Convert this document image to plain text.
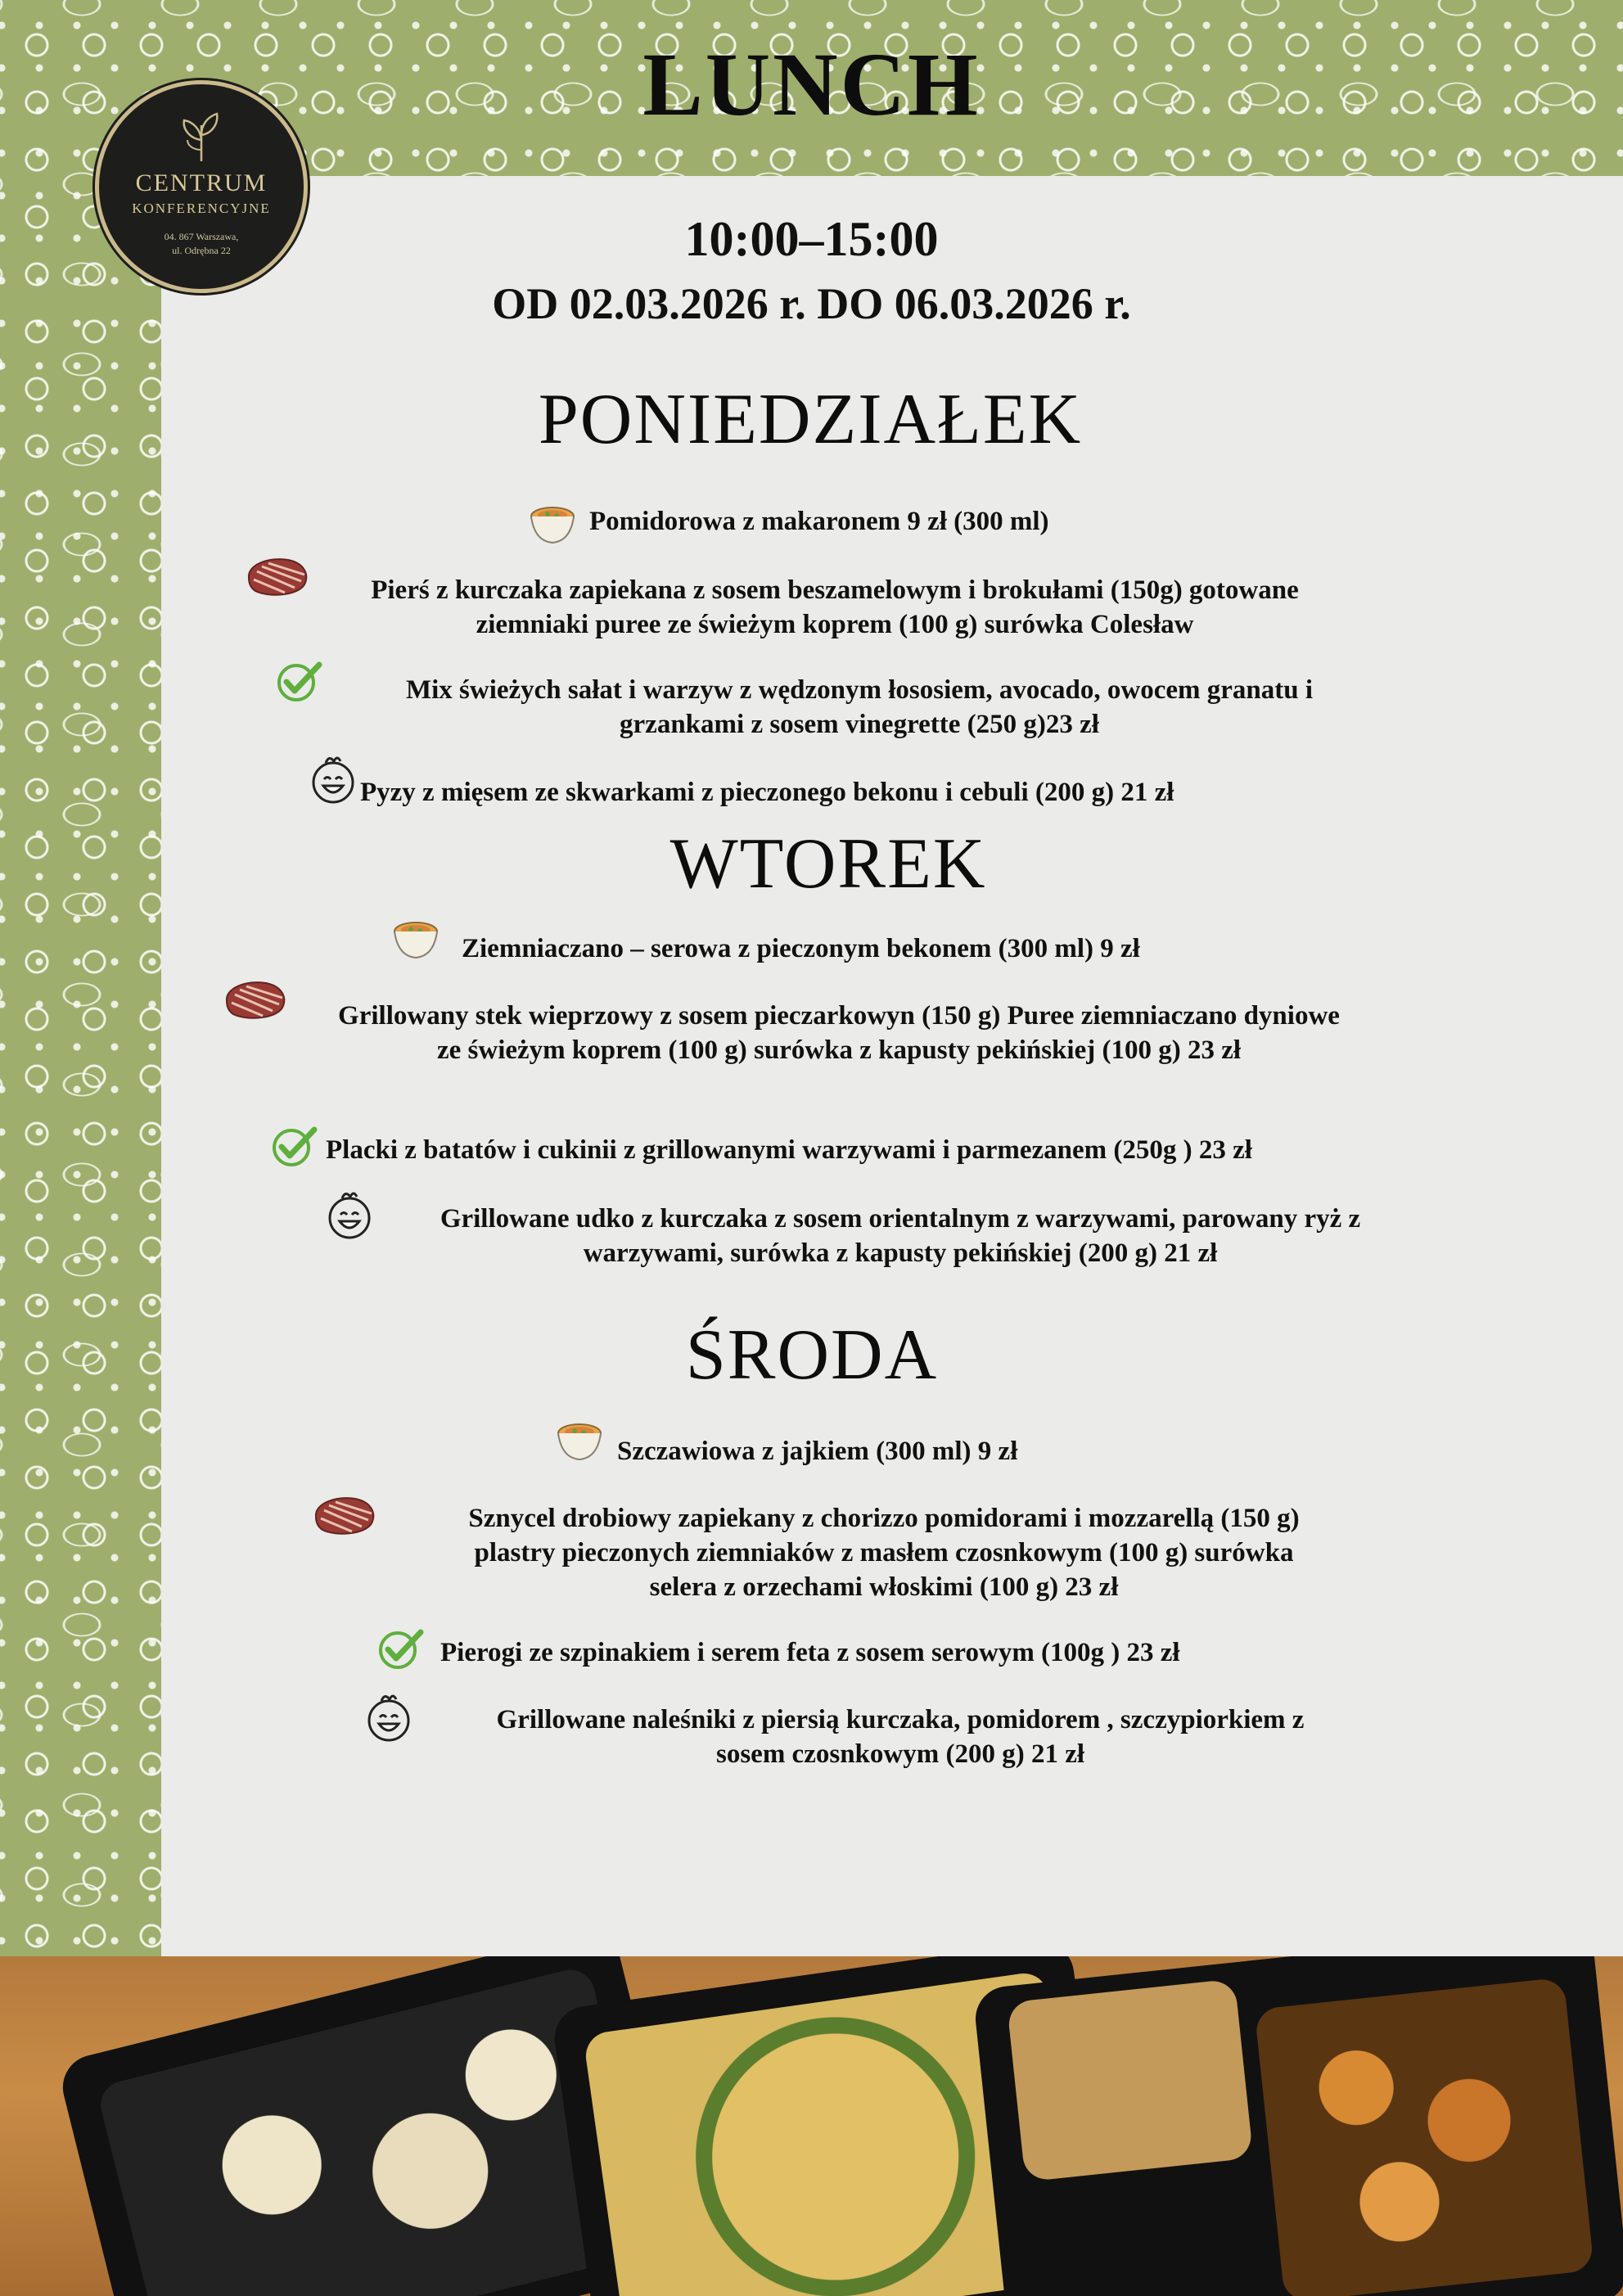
LUNCH
CENTRUM
KONFERENCYJNE
04. 867 Warszawa,
ul. Odrębna 22	10:00–15:00
OD 02.03.2026 r. DO 06.03.2026 r.
PONIEDZIAŁEK
Pomidorowa z makaronem 9 zł (300 ml)
Pierś z kurczaka zapiekana z sosem beszamelowym i brokułami (150g) gotowane
ziemniaki puree ze świeżym koprem (100 g) surówka Colesław
Mix świeżych sałat i warzyw z wędzonym łososiem, avocado, owocem granatu i
grzankami z sosem vinegrette (250 g)23 zł
Pyzy z mięsem ze skwarkami z pieczonego bekonu i cebuli (200 g) 21 zł
WTOREK
Ziemniaczano – serowa z pieczonym bekonem (300 ml) 9 zł
Grillowany stek wieprzowy z sosem pieczarkowyn (150 g) Puree ziemniaczano dyniowe
ze świeżym koprem (100 g) surówka z kapusty pekińskiej (100 g) 23 zł
Placki z batatów i cukinii z grillowanymi warzywami i parmezanem (250g ) 23 zł
Grillowane udko z kurczaka z sosem orientalnym z warzywami, parowany ryż z
warzywami, surówka z kapusty pekińskiej (200 g) 21 zł
ŚRODA
Szczawiowa z jajkiem (300 ml) 9 zł
Sznycel drobiowy zapiekany z chorizzo pomidorami i mozzarellą (150 g)
plastry pieczonych ziemniaków z masłem czosnkowym (100 g) surówka
selera z orzechami włoskimi (100 g) 23 zł
Pierogi ze szpinakiem i serem feta z sosem serowym (100g ) 23 zł
Grillowane naleśniki z piersią kurczaka, pomidorem , szczypiorkiem z
sosem czosnkowym (200 g) 21 zł
